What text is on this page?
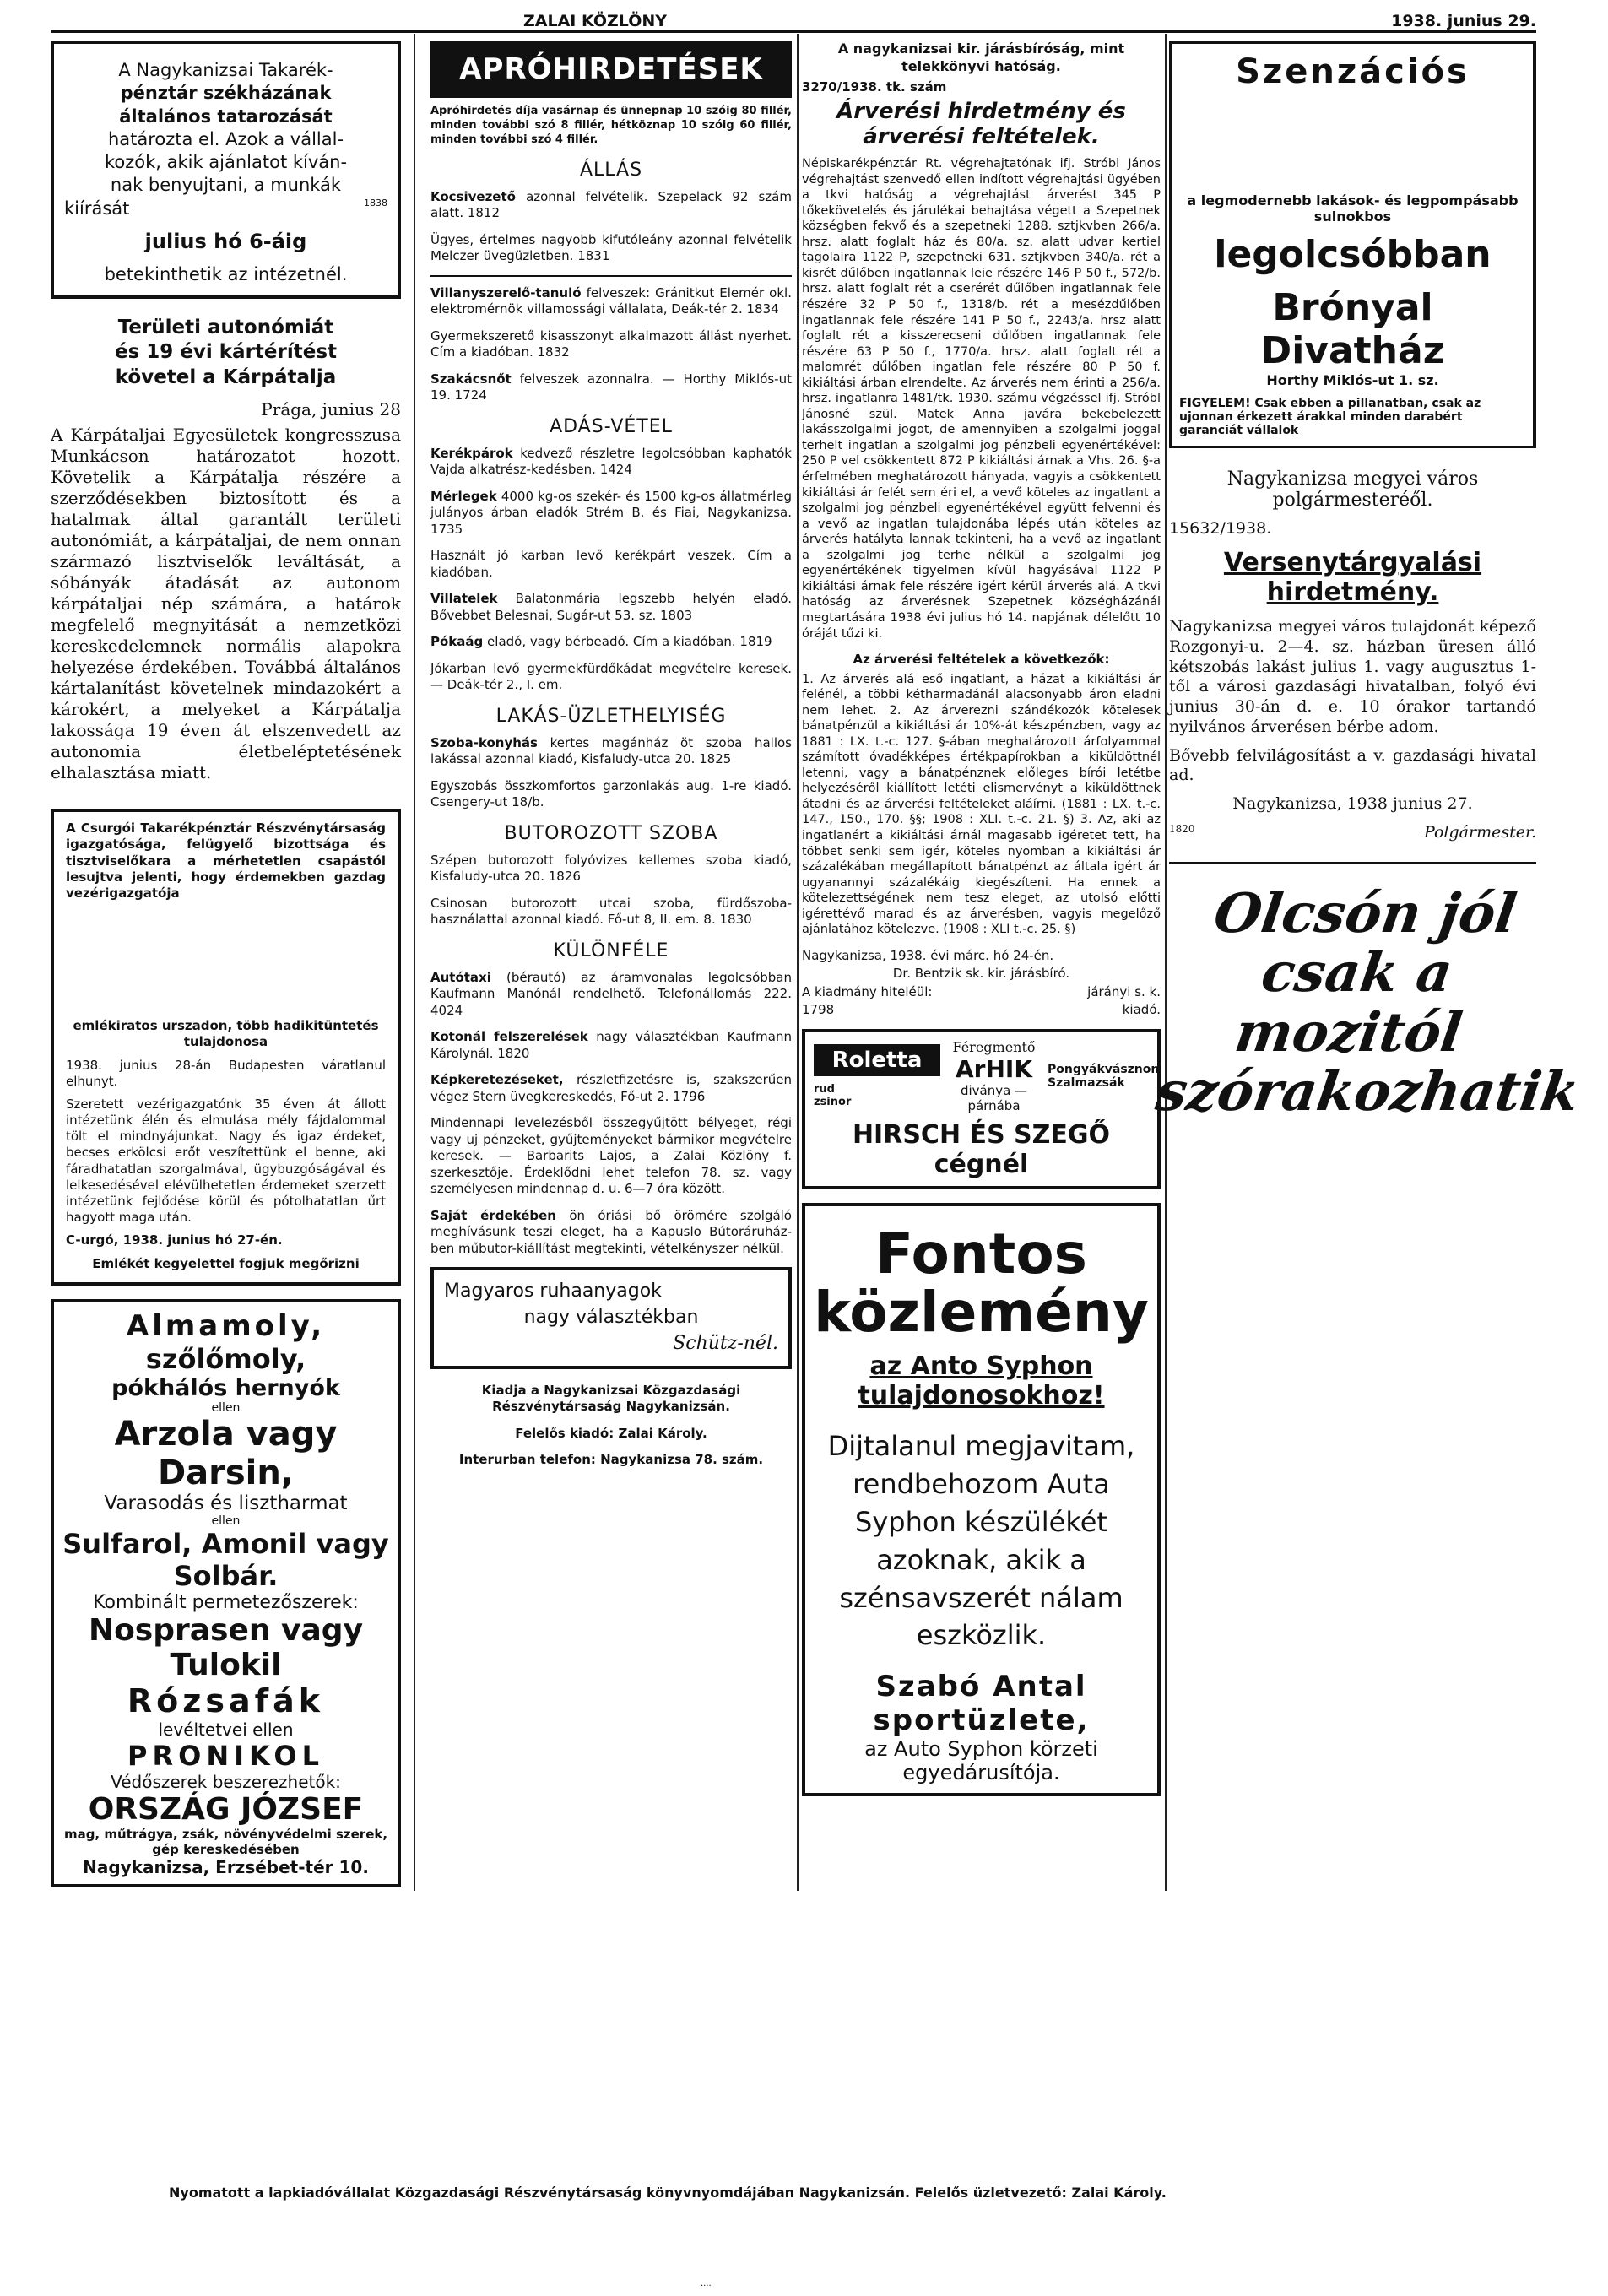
ZALAI KÖZLÖNY	1938. junius 29.
A Nagykanizsai Takarék-
pénztár székházának
általános tatarozását
határozta el. Azok a vállal-
kozók, akik ajánlatot kíván-
nak benyujtani, a munkák
kiírását	1838
julius hó 6-áig
betekinthetik az intézetnél.
Területi autonómiát
és 19 évi kártérítést
követel a Kárpátalja
Prága, junius 28

A Kárpátaljai Egyesületek kongresszusa Munkácson határozatot hozott. Követelik a Kárpátalja részére a szerződésekben biztosított és a hatalmak által garantált területi autonómiát, a kárpátaljai, de nem onnan származó lisztviselők leváltását, a sóbányák átadását az autonom kárpátaljai nép számára, a határok megfelelő megnyitását a nemzetközi kereskedelemnek normális alapokra helyezése érdekében. Továbbá általános kártalanítást követelnek mindazokért a károkért, a melyeket a Kárpátalja lakossága 19 éven át elszenvedett az autonomia életbeléptetésének elhalasztása miatt.

A Csurgói Takarékpénztár Részvénytársaság igazgatósága, felügyelő bizottsága és tisztviselőkara a mérhetetlen csapástól lesujtva jelenti, hogy érdemekben gazdag vezérigazgatója

emlékiratos urszadon, több hadikitüntetés tulajdonosa

1938. junius 28-án Budapesten váratlanul elhunyt.

Szeretett vezérigazgatónk 35 éven át állott intézetünk élén és elmulása mély fájdalommal tölt el mindnyájunkat. Nagy és igaz érdeket, becses erkölcsi erőt veszítettünk el benne, aki fáradhatatlan szorgalmával, ügybuzgóságával és lelkesedésével elévülhetetlen érdemeket szerzett intézetünk fejlődése körül és pótolhatatlan űrt hagyott maga után.

C-urgó, 1938. junius hó 27-én.

Emlékét kegyelettel fogjuk megőrizni

Almamoly,
szőlőmoly,
pókhálós hernyók
ellen
Arzola vagy Darsin,
Varasodás és lisztharmat
ellen
Sulfarol, Amonil vagy Solbár.
Kombinált permetezőszerek:
Nosprasen vagy Tulokil
Rózsafák
levéltetvei ellen
PRONIKOL
Védőszerek beszerezhetők:
ORSZÁG JÓZSEF
mag, műtrágya, zsák, növényvédelmi szerek, gép kereskedésében
Nagykanizsa, Erzsébet-tér 10.
APRÓHIRDETÉSEK

Apróhirdetés díja vasárnap és ünnepnap 10 szóig 80 fillér, minden további szó 8 fillér, hétköznap 10 szóig 60 fillér, minden további szó 4 fillér.

ÁLLÁS

Kocsivezető azonnal felvételik. Szepelack 92 szám alatt. 1812

Ügyes, értelmes nagyobb kifutóleány azonnal felvételik Melczer üvegüzletben. 1831

Villanyszerelő-tanuló felveszek: Gránitkut Elemér okl. elektromérnök villamossági vállalata, Deák-tér 2. 1834

Gyermekszerető kisasszonyt alkalmazott állást nyerhet. Cím a kiadóban. 1832

Szakácsnőt felveszek azonnalra. — Horthy Miklós-ut 19. 1724

ADÁS-VÉTEL

Kerékpárok kedvező részletre legolcsóbban kaphatók Vajda alkatrész-kedésben. 1424

Mérlegek 4000 kg-os szekér- és 1500 kg-os állatmérleg julányos árban eladók Strém B. és Fiai, Nagykanizsa. 1735

Használt jó karban levő kerékpárt veszek. Cím a kiadóban.

Villatelek Balatonmária legszebb helyén eladó. Bővebbet Belesnai, Sugár-ut 53. sz. 1803

Pókaág eladó, vagy bérbeadó. Cím a kiadóban. 1819

Jókarban levő gyermekfürdőkádat megvételre keresek. — Deák-tér 2., I. em.

LAKÁS-ÜZLETHELYISÉG

Szoba-konyhás kertes magánház öt szoba hallos lakással azonnal kiadó, Kisfaludy-utca 20. 1825

Egyszobás összkomfortos garzonlakás aug. 1-re kiadó. Csengery-ut 18/b.

BUTOROZOTT SZOBA

Szépen butorozott folyóvizes kellemes szoba kiadó, Kisfaludy-utca 20. 1826

Csinosan butorozott utcai szoba, fürdőszoba-használattal azonnal kiadó. Fő-ut 8, II. em. 8. 1830

KÜLÖNFÉLE

Autótaxi (bérautó) az áramvonalas legolcsóbban Kaufmann Manónál rendelhető. Telefonállomás 222. 4024

Kotonál felszerelések nagy választékban Kaufmann Károlynál. 1820

Képkeretezéseket, részletfizetésre is, szakszerűen végez Stern üvegkereskedés, Fő-ut 2. 1796

Mindennapi levelezésből összegyűjtött bélyeget, régi vagy uj pénzeket, gyűjteményeket bármikor megvételre keresek. — Barbarits Lajos, a Zalai Közlöny f. szerkesztője. Érdeklődni lehet telefon 78. sz. vagy személyesen mindennap d. u. 6—7 óra között.

Saját érdekében ön óriási bő örömére szolgáló meghívásunk teszi eleget, ha a Kapuslo Bútoráruház-ben műbutor-kiállítást megtekinti, vételkényszer nélkül.

Magyaros ruhaanyagok
nagy választékban
Schütz-nél.

Kiadja a Nagykanizsai Közgazdasági Részvénytársaság Nagykanizsán.

Felelős kiadó: Zalai Károly.

Interurban telefon: Nagykanizsa 78. szám.

A nagykanizsai kir. járásbíróság, mint telekkönyvi hatóság.

3270/1938. tk. szám

Árverési hirdetmény és árverési feltételek.

Népiskarékpénztár Rt. végrehajtatónak ifj. Stróbl János végrehajtást szenvedő ellen indított végrehajtási ügyében a tkvi hatóság a végrehajtást árverést 345 P tőkekövetelés és járulékai behajtása végett a Szepetnek községben fekvő és a szepetneki 1288. sztjkvben 266/a. hrsz. alatt foglalt ház és 80/a. sz. alatt udvar kertiel tagolaira 1122 P, szepetneki 631. sztjkvben 340/a. rét a kisrét dűlőben ingatlannak leie részére 146 P 50 f., 572/b. hrsz. alatt foglalt rét a cserérét dűlőben ingatlannak fele részére 32 P 50 f., 1318/b. rét a mesézdűlőben ingatlannak fele részére 141 P 50 f., 2243/a. hrsz alatt foglalt rét a kisszerecseni dűlőben ingatlannak fele részére 63 P 50 f., 1770/a. hrsz. alatt foglalt rét a malomrét dűlőben ingatlan fele részére 80 P 50 f. kikiáltási árban elrendelte. Az árverés nem érinti a 256/a. hrsz. ingatlanra 1481/tk. 1930. számu végzéssel ifj. Stróbl Jánosné szül. Matek Anna javára bekebelezett lakásszolgalmi jogot, de amennyiben a szolgalmi joggal terhelt ingatlan a szolgalmi jog pénzbeli egyenértékével: 250 P vel csökkentett 872 P kikiáltási árnak a Vhs. 26. §-a érfelmében meghatározott hányada, vagyis a csökkentett kikiáltási ár felét sem éri el, a vevő köteles az ingatlant a szolgalmi jog pénzbeli egyenértékével együtt felvenni és a vevő az ingatlan tulajdonába lépés után köteles az árverés hatályta lannak tekinteni, ha a vevő az ingatlant a szolgalmi jog terhe nélkül a szolgalmi jog egyenértékének tigyelmen kívül hagyásával 1122 P kikiáltási árnak fele részére igért kérül árverés alá. A tkvi hatóság az árverésnek Szepetnek községházánál megtartására 1938 évi julius hó 14. napjának délelőtt 10 óráját tűzi ki.

Az árverési feltételek a következők:

1. Az árverés alá eső ingatlant, a házat a kikiáltási ár felénél, a többi kétharmadánál alacsonyabb áron eladni nem lehet. 2. Az árverezni szándékozók kötelesek bánatpénzül a kikiáltási ár 10%-át készpénzben, vagy az 1881 : LX. t.-c. 127. §-ában meghatározott árfolyammal számított óvadékképes értékpapírokban a kiküldöttnél letenni, vagy a bánatpénznek előleges bírói letétbe helyezéséről kiállított letéti elismervényt a kiküldöttnek átadni és az árverési feltételeket aláírni. (1881 : LX. t.-c. 147., 150., 170. §§; 1908 : XLI. t.-c. 21. §) 3. Az, aki az ingatlanért a kikiáltási árnál magasabb igéretet tett, ha többet senki sem igér, köteles nyomban a kikiáltási ár százalékában megállapított bánatpénzt az általa igért ár ugyanannyi százalékáig kiegészíteni. Ha ennek a kötelezettségének nem tesz eleget, az utolsó előtti igérettévő marad és az árverésben, vagyis megelőző ajánlatához kötelezve. (1908 : XLI t.-c. 25. §)

Nagykanizsa, 1938. évi márc. hó 24-én.

Dr. Bentzik sk. kir. járásbíró.

A kiadmány hiteléül:	járányi s. k.
1798	kiadó.
Roletta
rud
zsinor
Féregmentő
ArHIK
diványa — párnába
Pongyákvásznon
Szalmazsák
HIRSCH ÉS SZEGŐ cégnél
Fontos közlemény
az Anto Syphon tulajdonosokhoz!
Dijtalanul megjavitam, rendbehozom Auta Syphon készülékét azoknak, akik a szénsavszerét nálam eszközlik.
Szabó Antal sportüzlete,
az Auto Syphon körzeti egyedárusítója.
Szenzációs
a legmodernebb lakások- és legpompásabb sulnokbos
legolcsóbban
Brónyal Divatház
Horthy Miklós-ut 1. sz.
FIGYELEM! Csak ebben a pillanatban, csak az ujonnan érkezett árakkal minden darabért garanciát vállalok
Nagykanizsa megyei város polgármesteréől.
15632/1938.
Versenytárgyalási hirdetmény.

Nagykanizsa megyei város tulajdonát képező Rozgonyi-u. 2—4. sz. házban üresen álló kétszobás lakást julius 1. vagy augusztus 1-től a városi gazdasági hivatalban, folyó évi junius 30-án d. e. 10 órakor tartandó nyilvános árverésen bérbe adom.

Bővebb felvilágosítást a v. gazdasági hivatal ad.

Nagykanizsa, 1938 junius 27.

1820	Polgármester.
Olcsón jól csak a mozitól szórakozhatik
Nyomatott a lapkiadóvállalat Közgazdasági Részvénytársaság könyvnyomdájában Nagykanizsán. Felelős üzletvezető: Zalai Károly.
....
